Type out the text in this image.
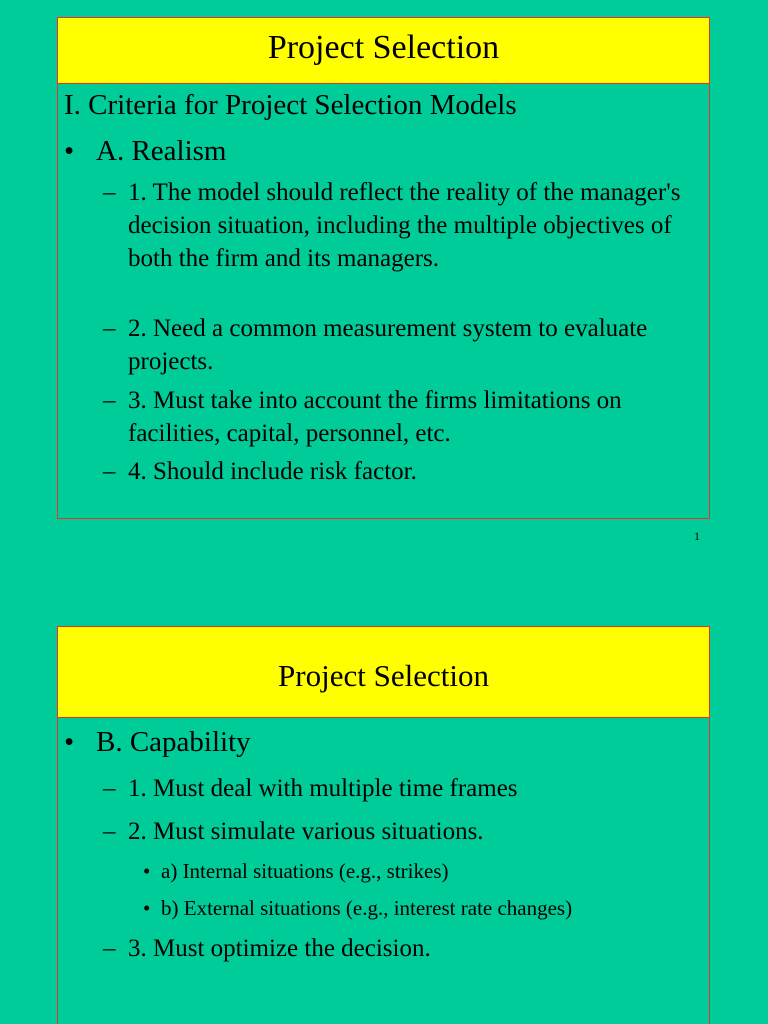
Project Selection
I. Criteria for Project Selection Models
• A. Realism
– 1. The model should reflect the reality of the manager's decision situation, including the multiple objectives of both the firm and its managers.
– 2. Need a common measurement system to evaluate projects.
– 3. Must take into account the firms limitations on facilities, capital, personnel, etc.
– 4. Should include risk factor.
1
Project Selection
• B. Capability
– 1. Must deal with multiple time frames
– 2. Must simulate various situations.
• a) Internal situations (e.g., strikes)
• b) External situations (e.g., interest rate changes)
– 3. Must optimize the decision.
